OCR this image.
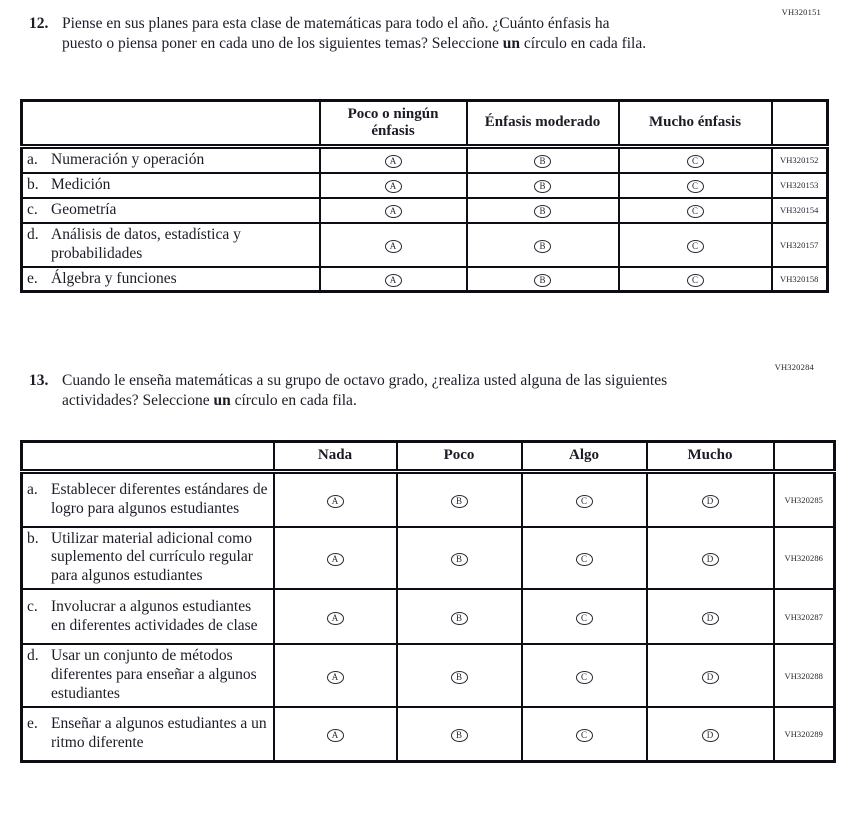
VH320151
12. Piense en sus planes para esta clase de matemáticas para todo el año. ¿Cuánto énfasis ha puesto o piensa poner en cada uno de los siguientes temas? Seleccione un círculo en cada fila.
	Poco o ningún énfasis	Énfasis moderado	Mucho énfasis	

a. Numeración y operación	A	B	C	VH320152

b. Medición	A	B	C	VH320153

c. Geometría	A	B	C	VH320154

d. Análisis de datos, estadística y probabilidades	A	B	C	VH320157

e. Álgebra y funciones	A	B	C	VH320158
VH320284
13. Cuando le enseña matemáticas a su grupo de octavo grado, ¿realiza usted alguna de las siguientes actividades? Seleccione un círculo en cada fila.
	Nada	Poco	Algo	Mucho	

a. Establecer diferentes estándares de logro para algunos estudiantes	A	B	C	D	VH320285

b. Utilizar material adicional como suplemento del currículo regular para algunos estudiantes	A	B	C	D	VH320286

c. Involucrar a algunos estudiantes en diferentes actividades de clase	A	B	C	D	VH320287

d. Usar un conjunto de métodos diferentes para enseñar a algunos estudiantes	A	B	C	D	VH320288

e. Enseñar a algunos estudiantes a un ritmo diferente	A	B	C	D	VH320289
